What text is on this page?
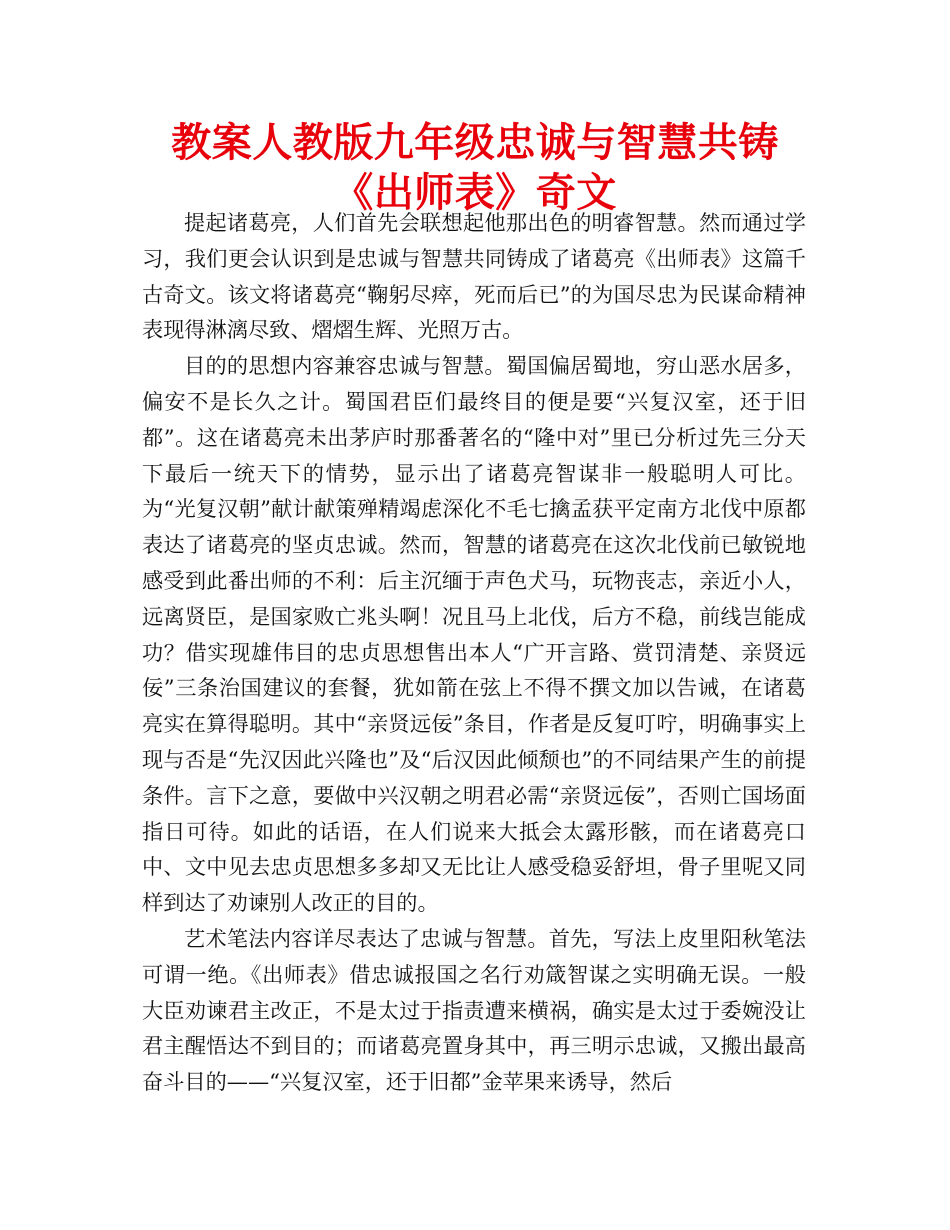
教案人教版九年级忠诚与智慧共铸《出师表》奇文

提起诸葛亮，人们首先会联想起他那出色的明睿智慧。然而通过学习，我们更会认识到是忠诚与智慧共同铸成了诸葛亮《出师表》这篇千古奇文。该文将诸葛亮“鞠躬尽瘁，死而后已”的为国尽忠为民谋命精神表现得淋漓尽致、熠熠生辉、光照万古。

目的的思想内容兼容忠诚与智慧。蜀国偏居蜀地，穷山恶水居多，偏安不是长久之计。蜀国君臣们最终目的便是要“兴复汉室，还于旧都”。这在诸葛亮未出茅庐时那番著名的“隆中对”里已分析过先三分天下最后一统天下的情势，显示出了诸葛亮智谋非一般聪明人可比。为“光复汉朝”献计献策殚精竭虑深化不毛七擒孟获平定南方北伐中原都表达了诸葛亮的坚贞忠诚。然而，智慧的诸葛亮在这次北伐前已敏锐地感受到此番出师的不利：后主沉缅于声色犬马，玩物丧志，亲近小人，远离贤臣，是国家败亡兆头啊！况且马上北伐，后方不稳，前线岂能成功？借实现雄伟目的忠贞思想售出本人“广开言路、赏罚清楚、亲贤远佞”三条治国建议的套餐，犹如箭在弦上不得不撰文加以告诫，在诸葛亮实在算得聪明。其中“亲贤远佞”条目，作者是反复叮咛，明确事实上现与否是“先汉因此兴隆也”及“后汉因此倾颓也”的不同结果产生的前提条件。言下之意，要做中兴汉朝之明君必需“亲贤远佞”，否则亡国场面指日可待。如此的话语，在人们说来大抵会太露形骸，而在诸葛亮口中、文中见去忠贞思想多多却又无比让人感受稳妥舒坦，骨子里呢又同样到达了劝谏别人改正的目的。

艺术笔法内容详尽表达了忠诚与智慧。首先，写法上皮里阳秋笔法可谓一绝。《出师表》借忠诚报国之名行劝箴智谋之实明确无误。一般大臣劝谏君主改正，不是太过于指责遭来横祸，确实是太过于委婉没让君主醒悟达不到目的；而诸葛亮置身其中，再三明示忠诚，又搬出最高奋斗目的——“兴复汉室，还于旧都”金苹果来诱导，然后
